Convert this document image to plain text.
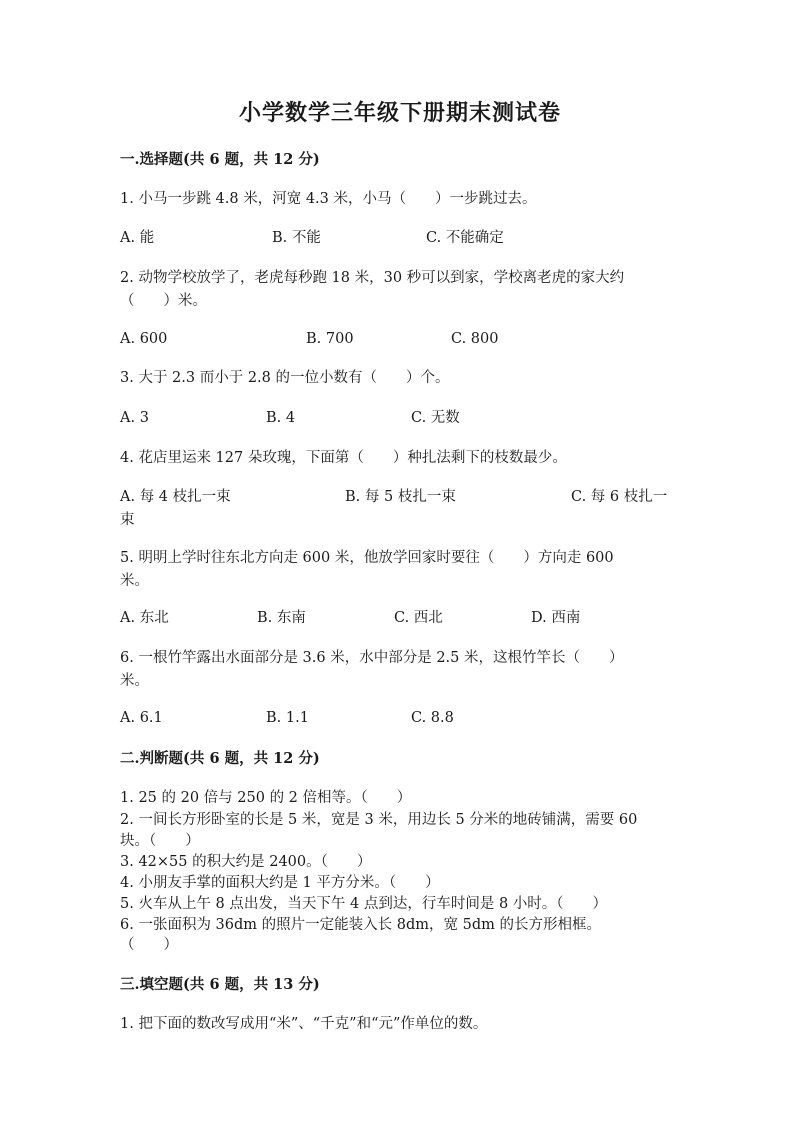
小学数学三年级下册期末测试卷
一.选择题(共 6 题，共 12 分)
1. 小马一步跳 4.8 米，河宽 4.3 米，小马（　　）一步跳过去。
A. 能	B. 不能	C. 不能确定
2. 动物学校放学了，老虎每秒跑 18 米，30 秒可以到家，学校离老虎的家大约
（　　）米。
A. 600	B. 700	C. 800
3. 大于 2.3 而小于 2.8 的一位小数有（　　）个。
A. 3	B. 4	C. 无数
4. 花店里运来 127 朵玫瑰，下面第（　　）种扎法剩下的枝数最少。
A. 每 4 枝扎一束	B. 每 5 枝扎一束	C. 每 6 枝扎一
束
5. 明明上学时往东北方向走 600 米，他放学回家时要往（　　）方向走 600
米。
A. 东北	B. 东南	C. 西北	D. 西南
6. 一根竹竿露出水面部分是 3.6 米，水中部分是 2.5 米，这根竹竿长（　　）
米。
A. 6.1	B. 1.1	C. 8.8
二.判断题(共 6 题，共 12 分)
1. 25 的 20 倍与 250 的 2 倍相等。（　　）
2. 一间长方形卧室的长是 5 米，宽是 3 米，用边长 5 分米的地砖铺满，需要 60
块。（　　）
3. 42×55 的积大约是 2400。（　　）
4. 小朋友手掌的面积大约是 1 平方分米。（　　）
5. 火车从上午 8 点出发，当天下午 4 点到达，行车时间是 8 小时。（　　）
6. 一张面积为 36dm 的照片一定能装入长 8dm，宽 5dm 的长方形相框。
（　　）
三.填空题(共 6 题，共 13 分)
1. 把下面的数改写成用“米”、“千克”和“元”作单位的数。
